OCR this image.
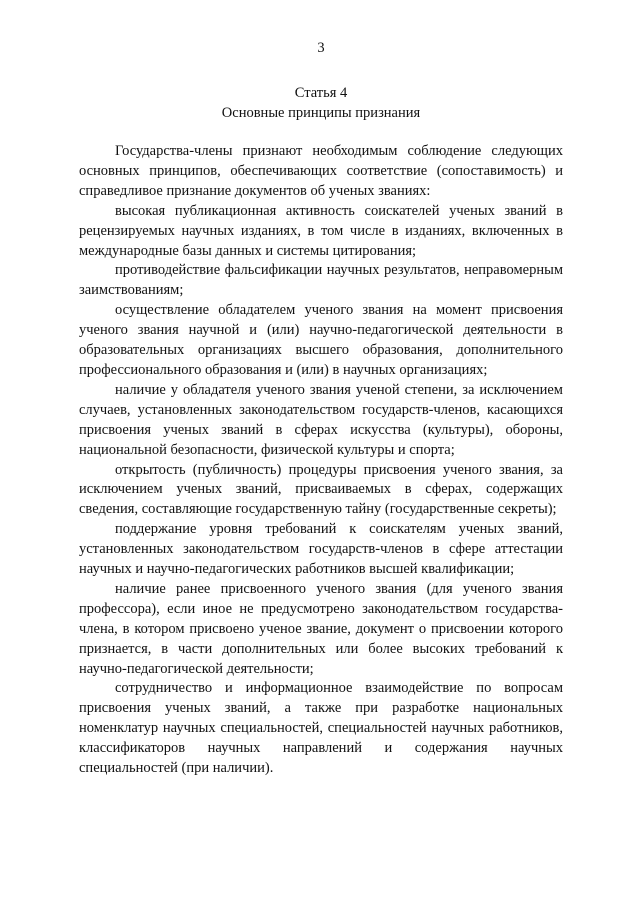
3

Статья 4

Основные принципы признания

Государства-члены признают необходимым соблюдение следующих основных принципов, обеспечивающих соответствие (сопоставимость) и справедливое признание документов об ученых званиях:

высокая публикационная активность соискателей ученых званий в рецензируемых научных изданиях, в том числе в изданиях, включенных в международные базы данных и системы цитирования;

противодействие фальсификации научных результатов, неправомерным заимствованиям;

осуществление обладателем ученого звания на момент присвоения ученого звания научной и (или) научно-педагогической деятельности в образовательных организациях высшего образования, дополнительного профессионального образования и (или) в научных организациях;

наличие у обладателя ученого звания ученой степени, за исключением случаев, установленных законодательством государств-членов, касающихся присвоения ученых званий в сферах искусства (культуры), обороны, национальной безопасности, физической культуры и спорта;

открытость (публичность) процедуры присвоения ученого звания, за исключением ученых званий, присваиваемых в сферах, содержащих сведения, составляющие государственную тайну (государственные секреты);

поддержание уровня требований к соискателям ученых званий, установленных законодательством государств-членов в сфере аттестации научных и научно-педагогических работников высшей квалификации;

наличие ранее присвоенного ученого звания (для ученого звания профессора), если иное не предусмотрено законодательством государства-члена, в котором присвоено ученое звание, документ о присвоении которого признается, в части дополнительных или более высоких требований к научно-педагогической деятельности;

сотрудничество и информационное взаимодействие по вопросам присвоения ученых званий, а также при разработке национальных номенклатур научных специальностей, специальностей научных работников, классификаторов научных направлений и содержания научных специальностей (при наличии).
